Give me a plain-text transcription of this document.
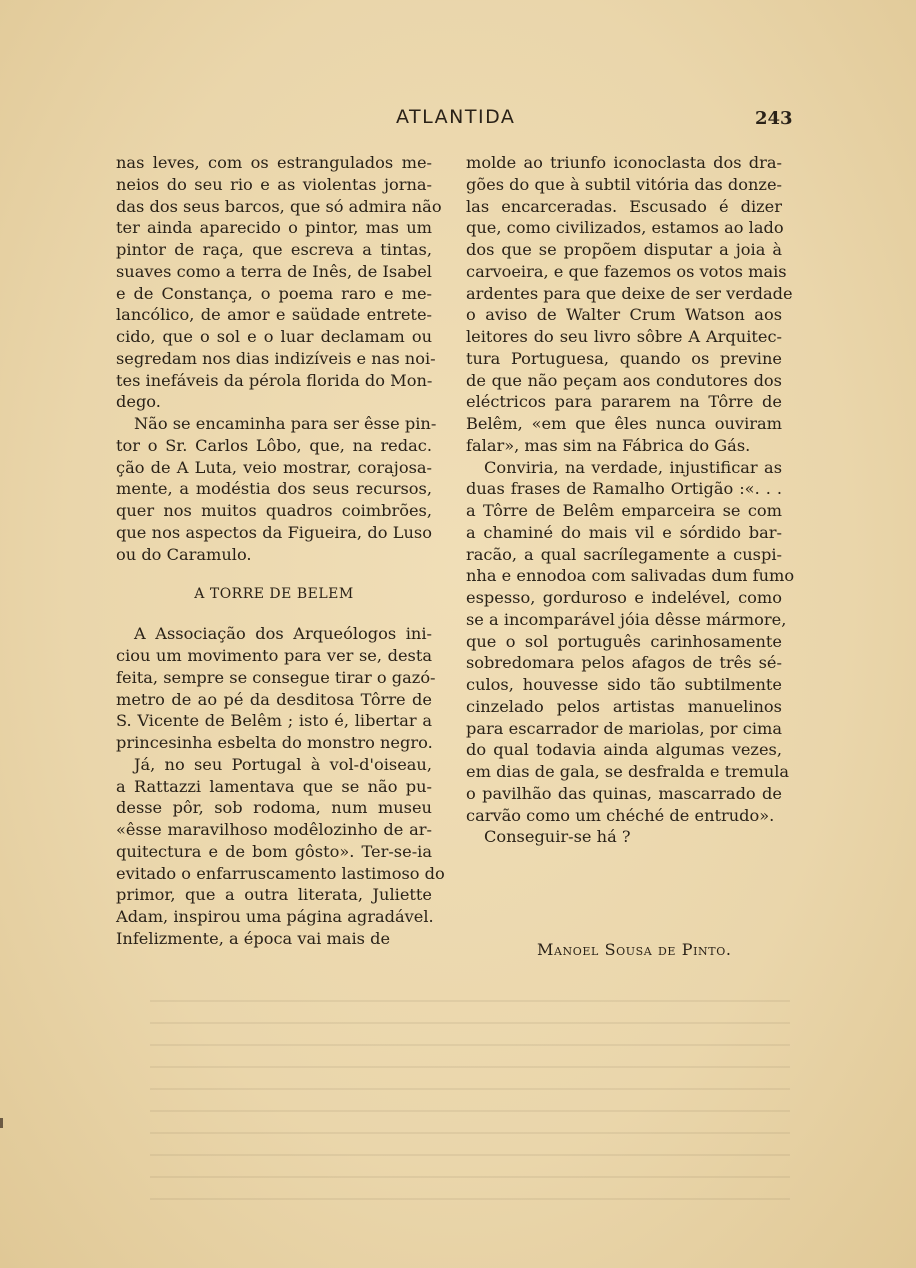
ATLANTIDA	243
nas leves, com os estrangulados me-
neios do seu rio e as violentas jorna-
das dos seus barcos, que só admira não
ter ainda aparecido o pintor, mas um
pintor de raça, que escreva a tintas,
suaves como a terra de Inês, de Isabel
e de Constança, o poema raro e me-
lancólico, de amor e saüdade entrete-
cido, que o sol e o luar declamam ou
segredam nos dias indizíveis e nas noi-
tes inefáveis da pérola florida do Mon-
dego.
Não se encaminha para ser êsse pin-
tor o Sr. Carlos Lôbo, que, na redac.
ção de A Luta, veio mostrar, corajosa-
mente, a modéstia dos seus recursos,
quer nos muitos quadros coimbrões,
que nos aspectos da Figueira, do Luso
ou do Caramulo.
A TORRE DE BELEM
A Associação dos Arqueólogos ini-
ciou um movimento para ver se, desta
feita, sempre se consegue tirar o gazó-
metro de ao pé da desditosa Tôrre de
S. Vicente de Belêm ; isto é, libertar a
princesinha esbelta do monstro negro.
Já, no seu Portugal à vol-d'oiseau,
a Rattazzi lamentava que se não pu-
desse pôr, sob rodoma, num museu
«êsse maravilhoso modêlozinho de ar-
quitectura e de bom gôsto». Ter-se-ia
evitado o enfarruscamento lastimoso do
primor, que a outra literata, Juliette
Adam, inspirou uma página agradável.
Infelizmente, a época vai mais de
molde ao triunfo iconoclasta dos dra-
gões do que à subtil vitória das donze-
las encarceradas. Escusado é dizer
que, como civilizados, estamos ao lado
dos que se propõem disputar a joia à
carvoeira, e que fazemos os votos mais
ardentes para que deixe de ser verdade
o aviso de Walter Crum Watson aos
leitores do seu livro sôbre A Arquitec-
tura Portuguesa, quando os previne
de que não peçam aos condutores dos
eléctricos para pararem na Tôrre de
Belêm, «em que êles nunca ouviram
falar», mas sim na Fábrica do Gás.
Conviria, na verdade, injustificar as
duas frases de Ramalho Ortigão :«. . .
a Tôrre de Belêm emparceira se com
a chaminé do mais vil e sórdido bar-
racão, a qual sacrílegamente a cuspi-
nha e ennodoa com salivadas dum fumo
espesso, gorduroso e indelével, como
se a incomparável jóia dêsse mármore,
que o sol português carinhosamente
sobredomara pelos afagos de três sé-
culos, houvesse sido tão subtilmente
cinzelado pelos artistas manuelinos
para escarrador de mariolas, por cima
do qual todavia ainda algumas vezes,
em dias de gala, se desfralda e tremula
o pavilhão das quinas, mascarrado de
carvão como um chéché de entrudo».
Conseguir-se há ?
Manoel Sousa de Pinto.
